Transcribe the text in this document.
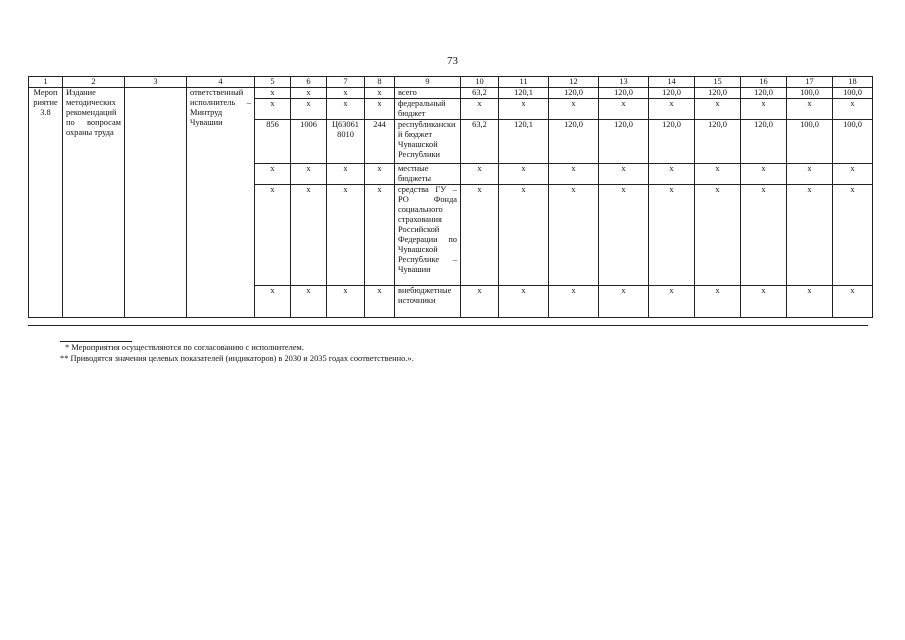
73
1	2	3	4	5	6	7	8	9	10	11	12	13	14	15	16	17	18
Мероприятие 3.8	Издание методических рекомендаций по вопросам охраны труда		ответственный исполнитель – Минтруд Чувашии	x	x	x	x	всего	63,2	120,1	120,0	120,0	120,0	120,0	120,0	100,0	100,0
				x	x	x	x	федеральный бюджет	x	x	x	x	x	x	x	x	x
				856	1006	Ц63061 8010	244	республиканский бюджет Чувашской Республики	63,2	120,1	120,0	120,0	120,0	120,0	120,0	100,0	100,0
				x	x	x	x	местные бюджеты	x	x	x	x	x	x	x	x	x
				x	x	x	x	средства ГУ – РО Фонда социального страхования Российской Федерации по Чувашской Республике – Чувашии	x	x	x	x	x	x	x	x	x
				x	x	x	x	внебюджетные источники	x	x	x	x	x	x	x	x	x
* Мероприятия осуществляются по согласованию с исполнителем.
** Приводятся значения целевых показателей (индикаторов) в 2030 и 2035 годах соответственно.».
